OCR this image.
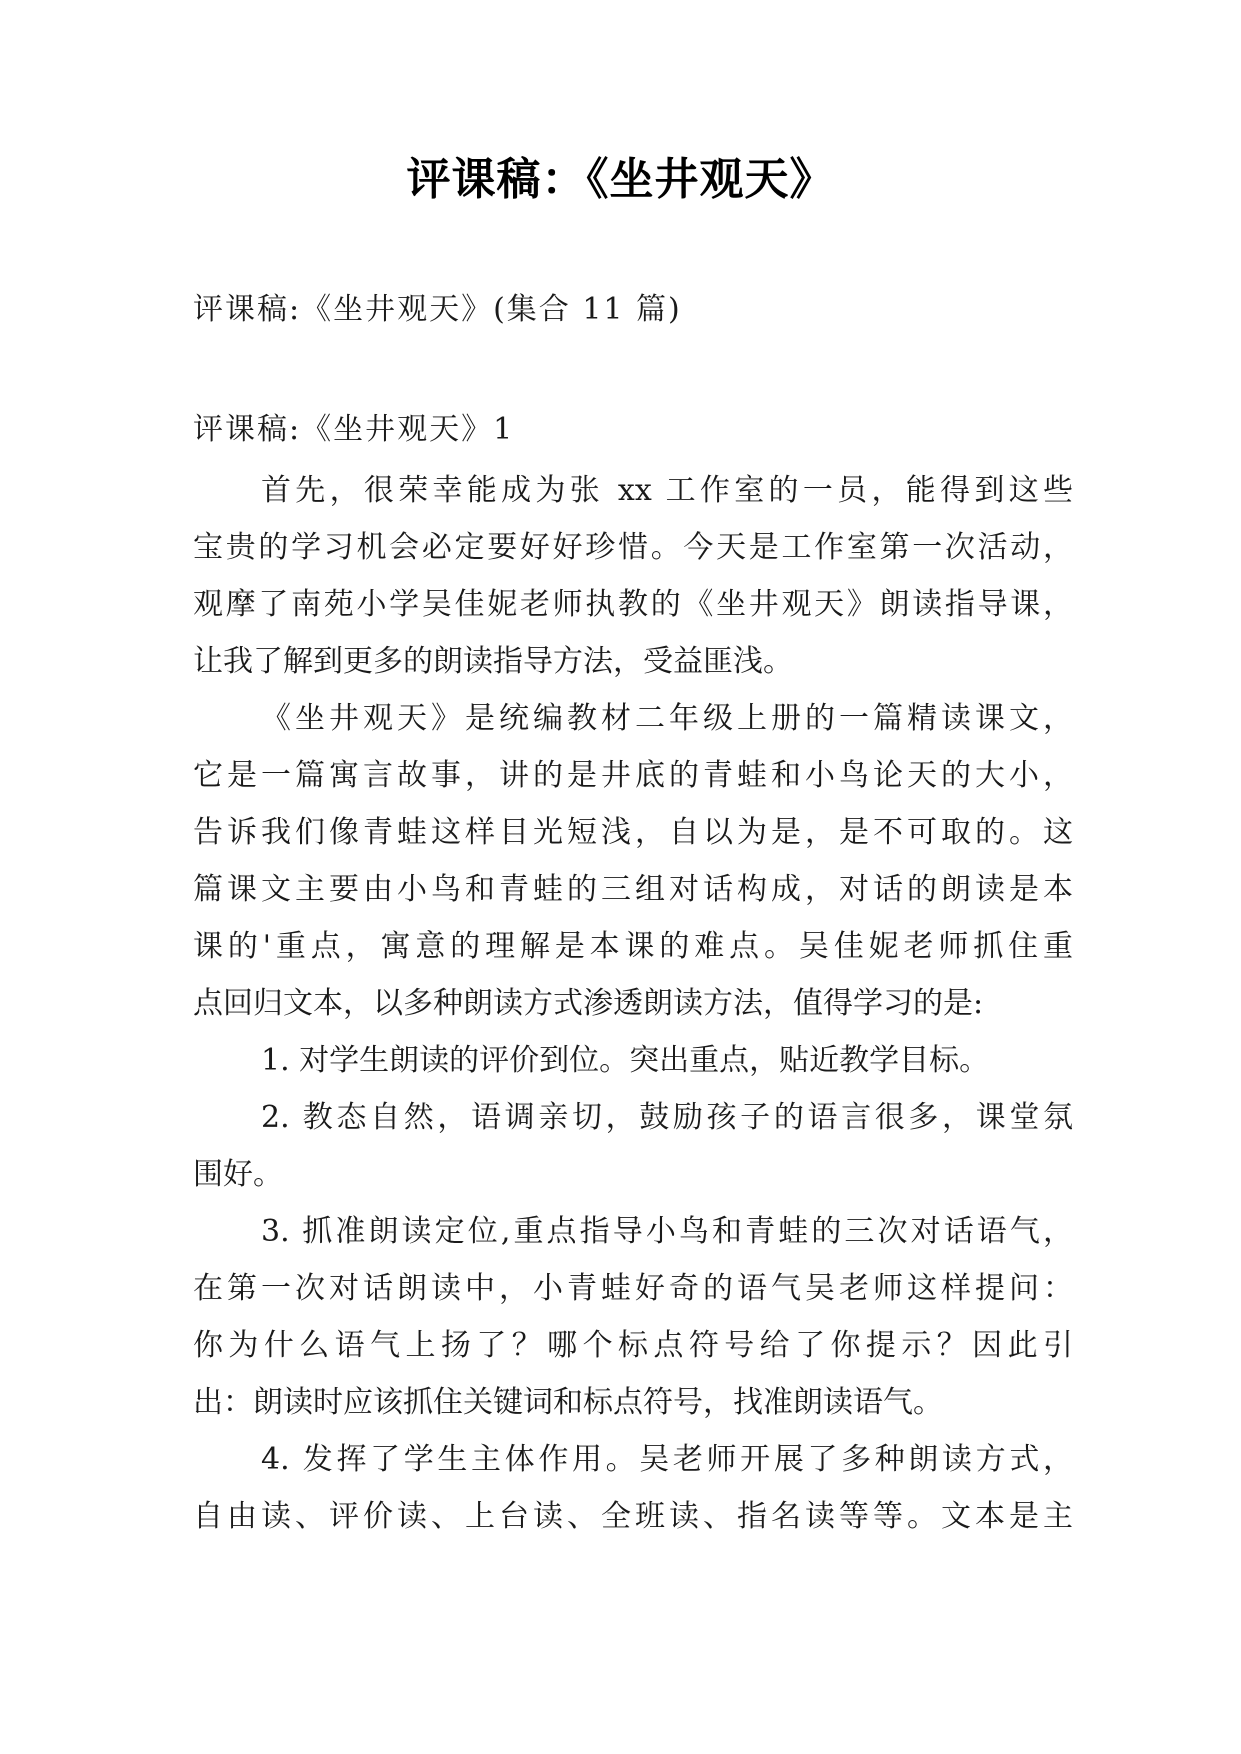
评课稿：《坐井观天》

评课稿:《坐井观天》(集合 11 篇)

评课稿:《坐井观天》1

首先，很荣幸能成为张 xx 工作室的一员，能得到这些
宝贵的学习机会必定要好好珍惜。今天是工作室第一次活动，
观摩了南苑小学吴佳妮老师执教的《坐井观天》朗读指导课，
让我了解到更多的朗读指导方法，受益匪浅。
《坐井观天》是统编教材二年级上册的一篇精读课文，
它是一篇寓言故事，讲的是井底的青蛙和小鸟论天的大小，
告诉我们像青蛙这样目光短浅，自以为是，是不可取的。这
篇课文主要由小鸟和青蛙的三组对话构成，对话的朗读是本
课的'重点，寓意的理解是本课的难点。吴佳妮老师抓住重
点回归文本，以多种朗读方式渗透朗读方法，值得学习的是:
1. 对学生朗读的评价到位。突出重点，贴近教学目标。
2. 教态自然，语调亲切，鼓励孩子的语言很多，课堂氛
围好。
3. 抓准朗读定位,重点指导小鸟和青蛙的三次对话语气，
在第一次对话朗读中，小青蛙好奇的语气吴老师这样提问：
你为什么语气上扬了？哪个标点符号给了你提示？因此引
出：朗读时应该抓住关键词和标点符号，找准朗读语气。
4. 发挥了学生主体作用。吴老师开展了多种朗读方式，
自由读、评价读、上台读、全班读、指名读等等。文本是主
